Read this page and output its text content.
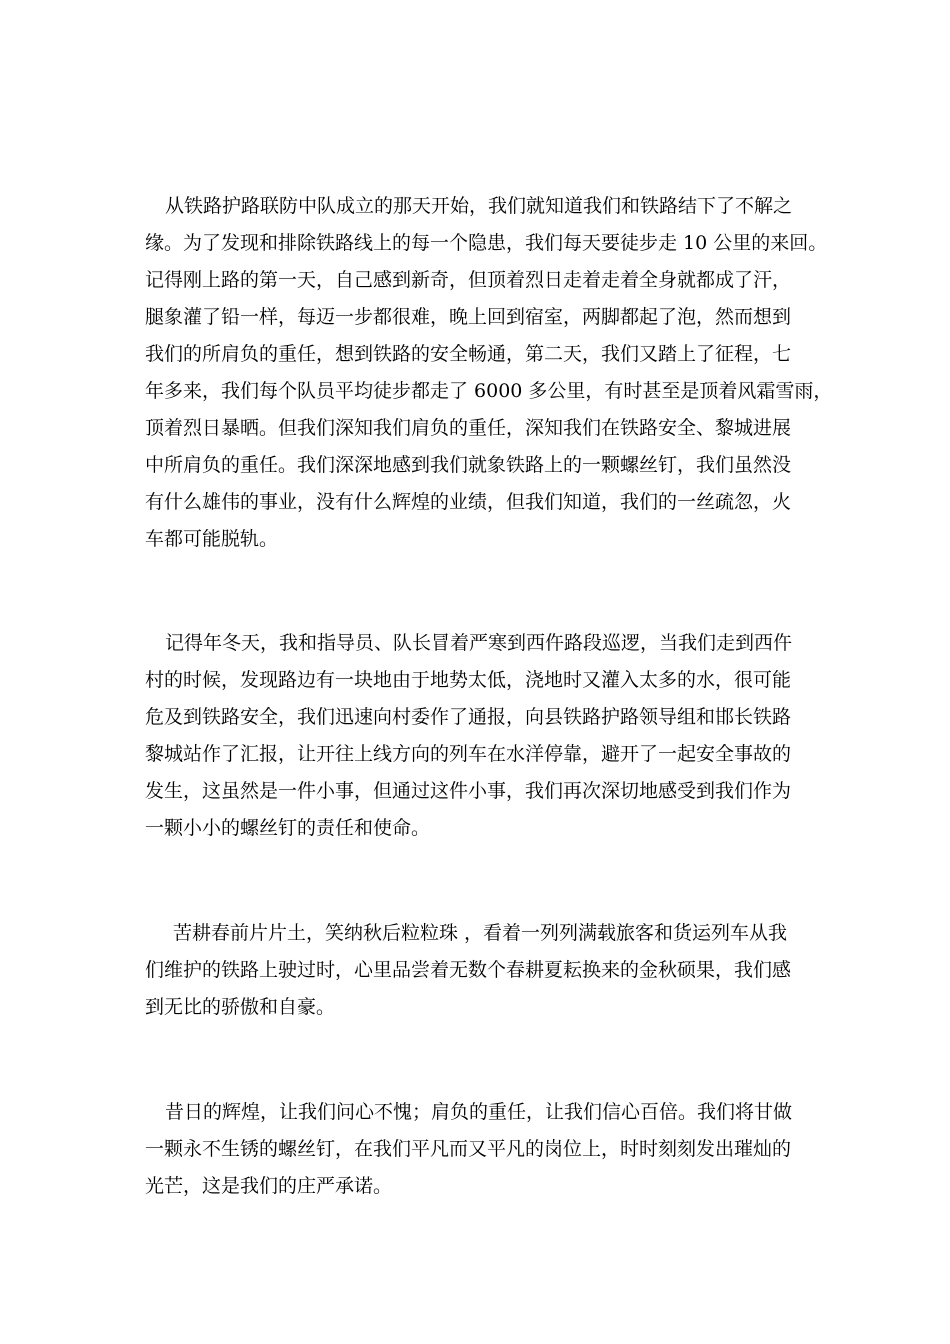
从铁路护路联防中队成立的那天开始，我们就知道我们和铁路结下了不解之
缘。为了发现和排除铁路线上的每一个隐患，我们每天要徒步走 10 公里的来回。
记得刚上路的第一天，自己感到新奇，但顶着烈日走着走着全身就都成了汗，
腿象灌了铅一样，每迈一步都很难，晚上回到宿室，两脚都起了泡，然而想到
我们的所肩负的重任，想到铁路的安全畅通，第二天，我们又踏上了征程，七
年多来，我们每个队员平均徒步都走了 6000 多公里，有时甚至是顶着风霜雪雨，
顶着烈日暴晒。但我们深知我们肩负的重任，深知我们在铁路安全、黎城进展
中所肩负的重任。我们深深地感到我们就象铁路上的一颗螺丝钉，我们虽然没
有什么雄伟的事业，没有什么辉煌的业绩，但我们知道，我们的一丝疏忽，火
车都可能脱轨。
记得年冬天，我和指导员、队长冒着严寒到西仵路段巡逻，当我们走到西仵
村的时候，发现路边有一块地由于地势太低，浇地时又灌入太多的水，很可能
危及到铁路安全，我们迅速向村委作了通报，向县铁路护路领导组和邯长铁路
黎城站作了汇报，让开往上线方向的列车在水洋停靠，避开了一起安全事故的
发生，这虽然是一件小事，但通过这件小事，我们再次深切地感受到我们作为
一颗小小的螺丝钉的责任和使命。
苦耕春前片片土，笑纳秋后粒粒珠 ，看着一列列满载旅客和货运列车从我
们维护的铁路上驶过时，心里品尝着无数个春耕夏耘换来的金秋硕果，我们感
到无比的骄傲和自豪。
昔日的辉煌，让我们问心不愧；肩负的重任，让我们信心百倍。我们将甘做
一颗永不生锈的螺丝钉，在我们平凡而又平凡的岗位上，时时刻刻发出璀灿的
光芒，这是我们的庄严承诺。
